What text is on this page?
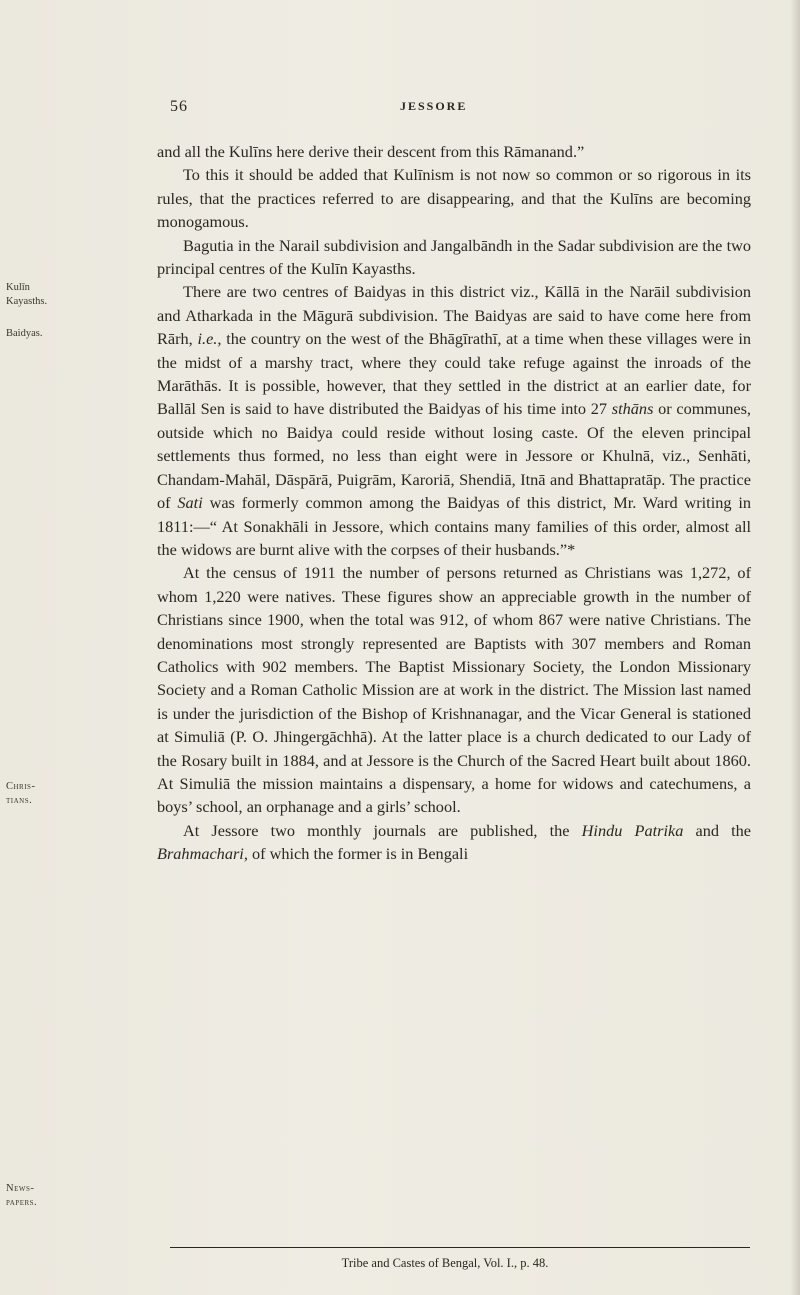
56	JESSORE
Kulīn
Kayasths.
Baidyas.
Chris-
tians.
News-
papers.

and all the Kulīns here derive their descent from this Rāmanand.”

To this it should be added that Kulīnism is not now so common or so rigorous in its rules, that the practices referred to are disappearing, and that the Kulīns are becoming monogamous.

Bagutia in the Narail subdivision and Jangalbāndh in the Sadar subdivision are the two principal centres of the Kulīn Kayasths.

There are two centres of Baidyas in this district viz., Kāllā in the Narāil subdivision and Atharkada in the Māgurā subdivision. The Baidyas are said to have come here from Rārh, i.e., the country on the west of the Bhāgīrathī, at a time when these villages were in the midst of a marshy tract, where they could take refuge against the inroads of the Marāthās. It is possible, however, that they settled in the district at an earlier date, for Ballāl Sen is said to have distributed the Baidyas of his time into 27 sthāns or communes, outside which no Baidya could reside without losing caste. Of the eleven principal settlements thus formed, no less than eight were in Jessore or Khulnā, viz., Senhāti, Chandam-Mahāl, Dāspārā, Puigrām, Karoriā, Shendiā, Itnā and Bhattapratāp. The practice of Sati was formerly common among the Baidyas of this district, Mr. Ward writing in 1811:—“ At Sonakhāli in Jessore, which contains many families of this order, almost all the widows are burnt alive with the corpses of their husbands.”*

At the census of 1911 the number of persons returned as Christians was 1,272, of whom 1,220 were natives. These figures show an appreciable growth in the number of Christians since 1900, when the total was 912, of whom 867 were native Christians. The denominations most strongly represented are Baptists with 307 members and Roman Catholics with 902 members. The Baptist Missionary Society, the London Missionary Society and a Roman Catholic Mission are at work in the district. The Mission last named is under the jurisdiction of the Bishop of Krishnanagar, and the Vicar General is stationed at Simuliā (P. O. Jhingergāchhā). At the latter place is a church dedicated to our Lady of the Rosary built in 1884, and at Jessore is the Church of the Sacred Heart built about 1860. At Simuliā the mission maintains a dispensary, a home for widows and catechumens, a boys’ school, an orphanage and a girls’ school.

At Jessore two monthly journals are published, the Hindu Patrika and the Brahmachari, of which the former is in Bengali

Tribe and Castes of Bengal, Vol. I., p. 48.
